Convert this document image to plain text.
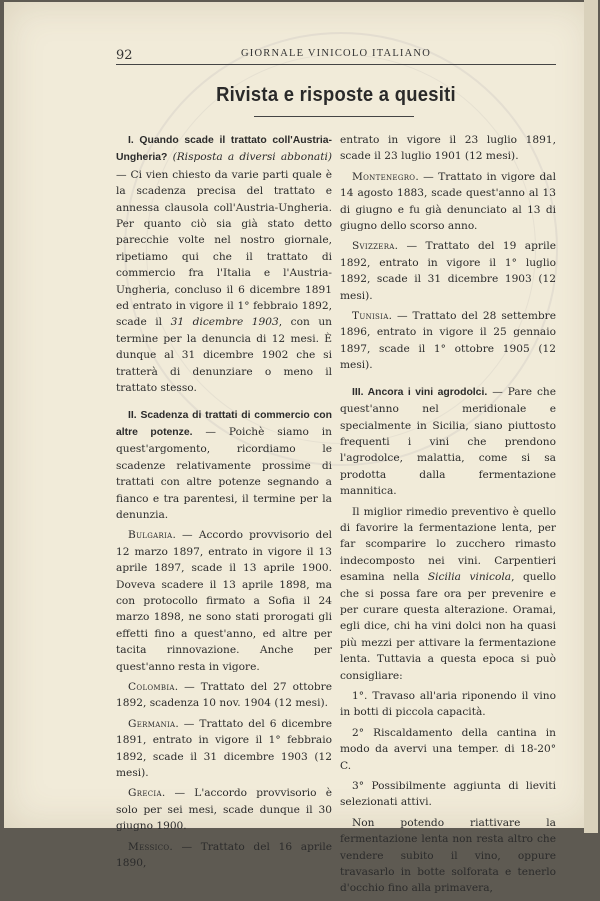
92	GIORNALE VINICOLO ITALIANO
Rivista e risposte a quesiti

I. Quando scade il trattato coll'Austria-Ungheria? (Risposta a diversi abbonati) — Ci vien chiesto da varie parti quale è la scadenza precisa del trattato e annessa clausola coll'Austria-Ungheria. Per quanto ciò sia già stato detto parecchie volte nel nostro giornale, ripetiamo qui che il trattato di commercio fra l'Italia e l'Austria-Ungheria, concluso il 6 dicembre 1891 ed entrato in vigore il 1° febbraio 1892, scade il 31 dicembre 1903, con un termine per la denuncia di 12 mesi. È dunque al 31 dicembre 1902 che si tratterà di denunziare o meno il trattato stesso.

II. Scadenza di trattati di commercio con altre potenze. — Poichè siamo in quest'argomento, ricordiamo le scadenze relativamente prossime di trattati con altre potenze segnando a fianco e tra parentesi, il termine per la denunzia.

Bulgaria. — Accordo provvisorio del 12 marzo 1897, entrato in vigore il 13 aprile 1897, scade il 13 aprile 1900. Doveva scadere il 13 aprile 1898, ma con protocollo firmato a Sofia il 24 marzo 1898, ne sono stati prorogati gli effetti fino a quest'anno, ed altre per tacita rinnovazione. Anche per quest'anno resta in vigore.

Colombia. — Trattato del 27 ottobre 1892, scadenza 10 nov. 1904 (12 mesi).

Germania. — Trattato del 6 dicembre 1891, entrato in vigore il 1° febbraio 1892, scade il 31 dicembre 1903 (12 mesi).

Grecia. — L'accordo provvisorio è solo per sei mesi, scade dunque il 30 giugno 1900.

Messico. — Trattato del 16 aprile 1890,

entrato in vigore il 23 luglio 1891, scade il 23 luglio 1901 (12 mesi).

Montenegro. — Trattato in vigore dal 14 agosto 1883, scade quest'anno al 13 di giugno e fu già denunciato al 13 di giugno dello scorso anno.

Svizzera. — Trattato del 19 aprile 1892, entrato in vigore il 1° luglio 1892, scade il 31 dicembre 1903 (12 mesi).

Tunisia. — Trattato del 28 settembre 1896, entrato in vigore il 25 gennaio 1897, scade il 1° ottobre 1905 (12 mesi).

III. Ancora i vini agrodolci. — Pare che quest'anno nel meridionale e specialmente in Sicilia, siano piuttosto frequenti i vini che prendono l'agrodolce, malattia, come si sa prodotta dalla fermentazione mannitica.

Il miglior rimedio preventivo è quello di favorire la fermentazione lenta, per far scomparire lo zucchero rimasto indecomposto nei vini. Carpentieri esamina nella Sicilia vinicola, quello che si possa fare ora per prevenire e per curare questa alterazione. Oramai, egli dice, chi ha vini dolci non ha quasi più mezzi per attivare la fermentazione lenta. Tuttavia a questa epoca si può consigliare:

1°. Travaso all'aria riponendo il vino in botti di piccola capacità.

2° Riscaldamento della cantina in modo da avervi una temper. di 18-20° C.

3° Possibilmente aggiunta di lieviti selezionati attivi.

Non potendo riattivare la fermentazione lenta non resta altro che vendere subito il vino, oppure travasarlo in botte solforata e tenerlo d'occhio fino alla primavera,
